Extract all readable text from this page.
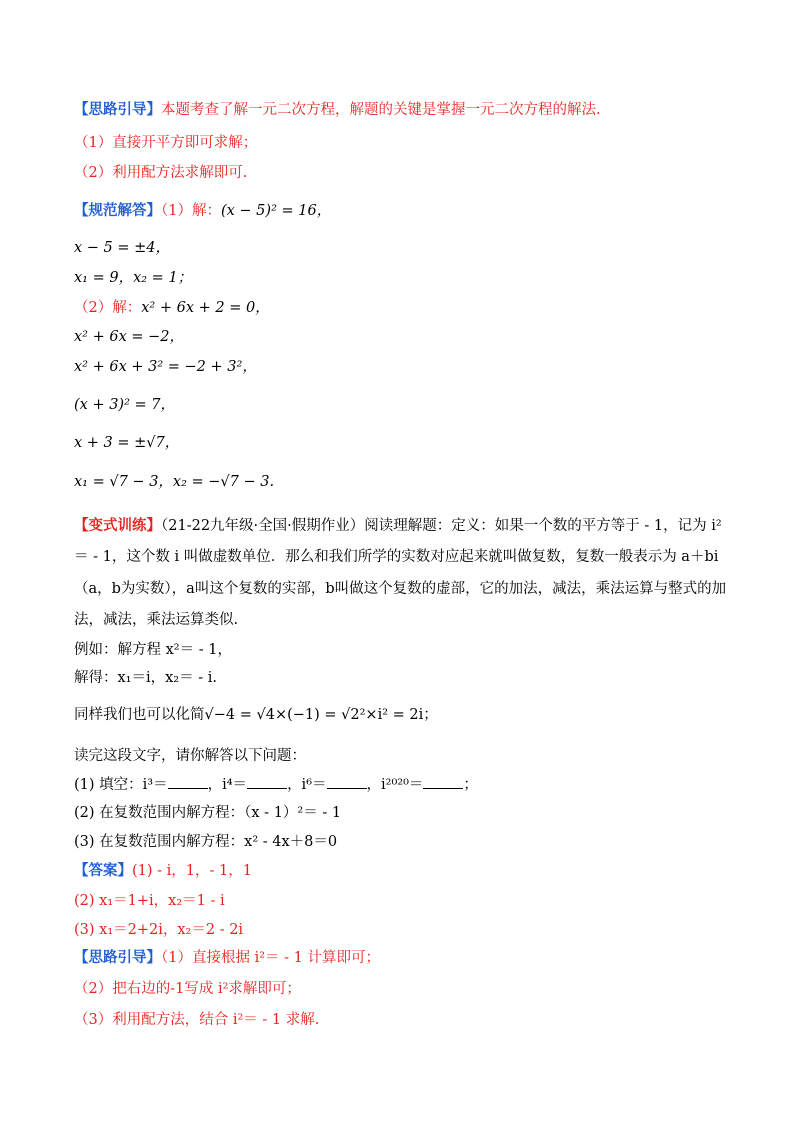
【思路引导】本题考查了解一元二次方程，解题的关键是掌握一元二次方程的解法.
（1）直接开平方即可求解；
（2）利用配方法求解即可.
【规范解答】（1）解：(x − 5)² = 16，
x − 5 = ±4，
x₁ = 9，x₂ = 1；
（2）解：x² + 6x + 2 = 0，
x² + 6x = −2，
x² + 6x + 3² = −2 + 3²，
(x + 3)² = 7，
x + 3 = ±√7，
x₁ = √7 − 3，x₂ = −√7 − 3.
【变式训练】（21-22九年级·全国·假期作业）阅读理解题：定义：如果一个数的平方等于 - 1，记为 i²
＝ - 1，这个数 i 叫做虚数单位．那么和我们所学的实数对应起来就叫做复数，复数一般表示为 a＋bi
（a，b为实数），a叫这个复数的实部，b叫做这个复数的虚部，它的加法，减法，乘法运算与整式的加
法，减法，乘法运算类似.
例如：解方程 x²＝ - 1，
解得：x₁＝i，x₂＝ - i.
同样我们也可以化简√−4 = √4×(−1) = √2²×i² = 2i；
读完这段文字，请你解答以下问题：
(1) 填空：i³＝	，i⁴＝	，i⁶＝	，i²⁰²⁰＝	；
(2) 在复数范围内解方程：（x - 1）²＝ - 1
(3) 在复数范围内解方程：x² - 4x＋8＝0
【答案】(1) - i，1，- 1，1
(2) x₁＝1+i，x₂＝1 - i
(3) x₁＝2+2i，x₂＝2 - 2i
【思路引导】（1）直接根据 i²＝ - 1 计算即可；
（2）把右边的-1写成 i²求解即可；
（3）利用配方法，结合 i²＝ - 1 求解.
